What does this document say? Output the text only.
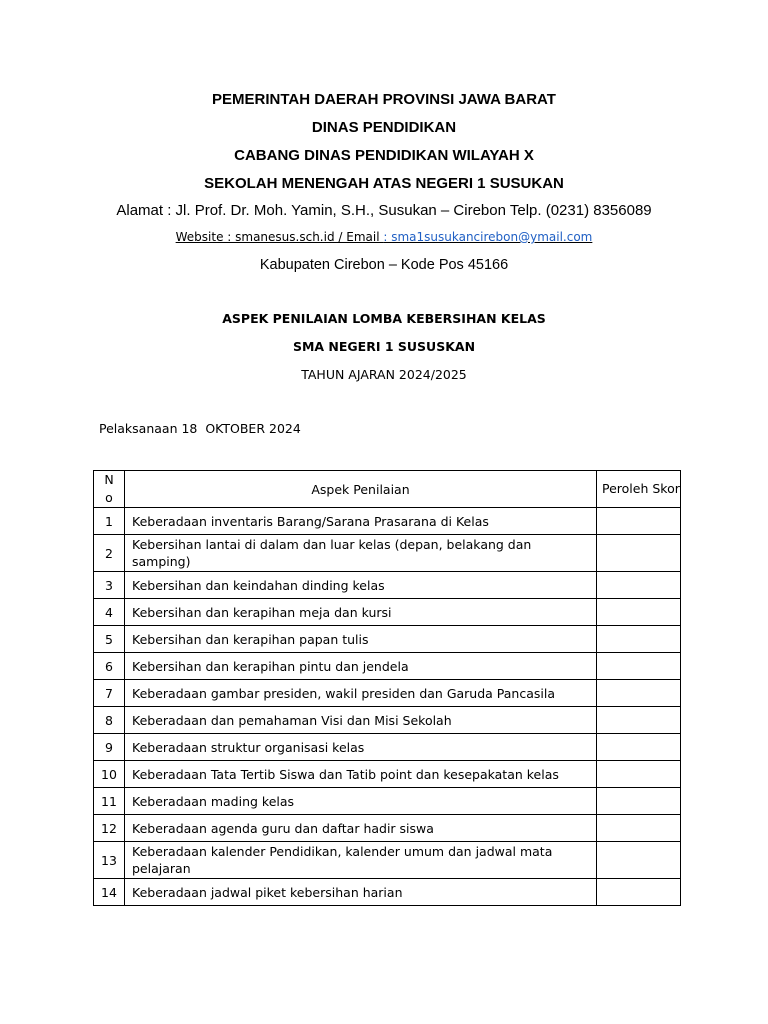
PEMERINTAH DAERAH PROVINSI JAWA BARAT
DINAS PENDIDIKAN
CABANG DINAS PENDIDIKAN WILAYAH X
SEKOLAH MENENGAH ATAS NEGERI 1 SUSUKAN
Alamat : Jl. Prof. Dr. Moh. Yamin, S.H., Susukan – Cirebon Telp. (0231) 8356089
Website : smanesus.sch.id / Email : sma1susukancirebon@ymail.com
Kabupaten Cirebon – Kode Pos 45166
ASPEK PENILAIAN LOMBA KEBERSIHAN KELAS
SMA NEGERI 1 SUSUSKAN
TAHUN AJARAN 2024/2025
Pelaksanaan 18  OKTOBER 2024
No	Aspek Penilaian	Peroleh Skor
1	Keberadaan inventaris Barang/Sarana Prasarana di Kelas	
2	Kebersihan lantai di dalam dan luar kelas (depan, belakang dan samping)	
3	Kebersihan dan keindahan dinding kelas	
4	Kebersihan dan kerapihan meja dan kursi	
5	Kebersihan dan kerapihan papan tulis	
6	Kebersihan dan kerapihan pintu dan jendela	
7	Keberadaan gambar presiden, wakil presiden dan Garuda Pancasila	
8	Keberadaan dan pemahaman Visi dan Misi Sekolah	
9	Keberadaan struktur organisasi kelas	
10	Keberadaan Tata Tertib Siswa dan Tatib point dan kesepakatan kelas	
11	Keberadaan mading kelas	
12	Keberadaan agenda guru dan daftar hadir siswa	
13	Keberadaan kalender Pendidikan, kalender umum dan jadwal mata pelajaran	
14	Keberadaan jadwal piket kebersihan harian	
